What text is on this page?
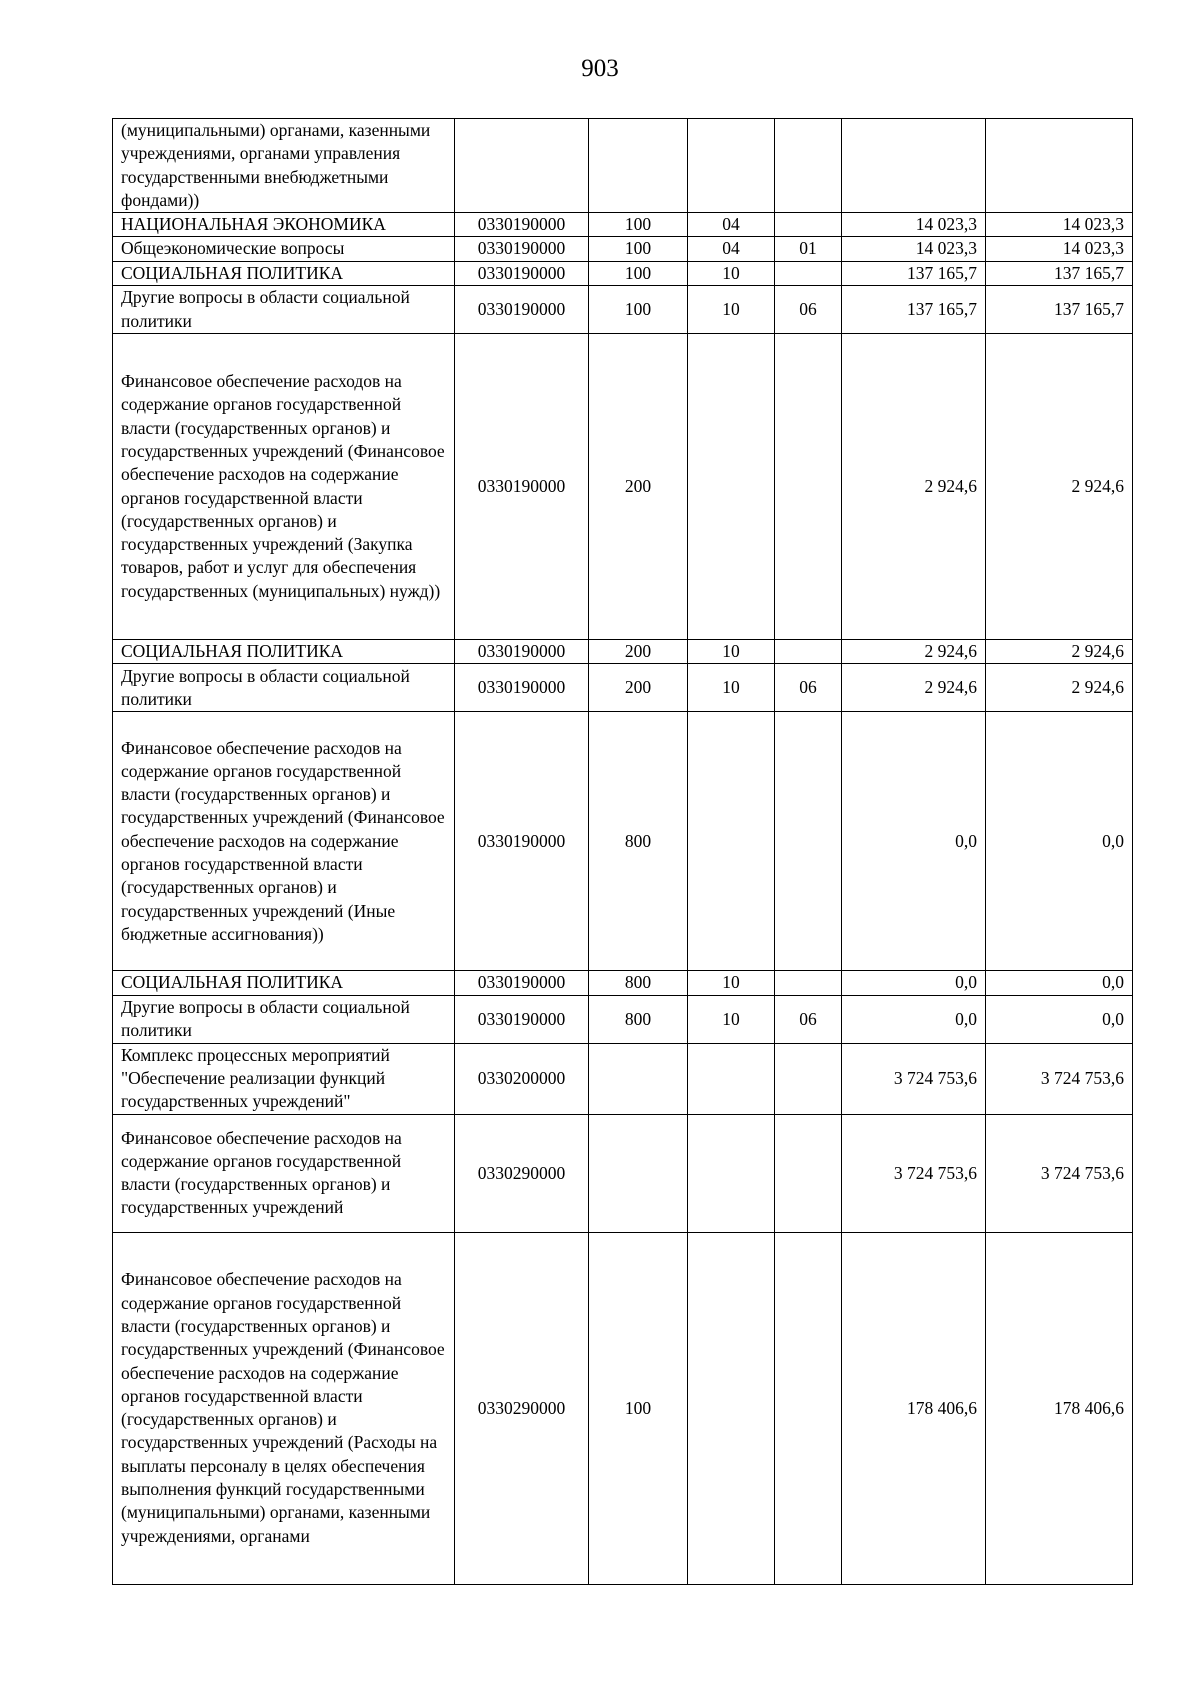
903
(муниципальными) органами, казенными учреждениями, органами управления государственными внебюджетными фондами))						
НАЦИОНАЛЬНАЯ ЭКОНОМИКА	0330190000	100	04		14 023,3	14 023,3
Общеэкономические вопросы	0330190000	100	04	01	14 023,3	14 023,3
СОЦИАЛЬНАЯ ПОЛИТИКА	0330190000	100	10		137 165,7	137 165,7
Другие вопросы в области социальной политики	0330190000	100	10	06	137 165,7	137 165,7
Финансовое обеспечение расходов на содержание органов государственной власти (государственных органов) и государственных учреждений (Финансовое обеспечение расходов на содержание органов государственной власти (государственных органов) и государственных учреждений (Закупка товаров, работ и услуг для обеспечения государственных (муниципальных) нужд))	0330190000	200			2 924,6	2 924,6
СОЦИАЛЬНАЯ ПОЛИТИКА	0330190000	200	10		2 924,6	2 924,6
Другие вопросы в области социальной политики	0330190000	200	10	06	2 924,6	2 924,6
Финансовое обеспечение расходов на содержание органов государственной власти (государственных органов) и государственных учреждений (Финансовое обеспечение расходов на содержание органов государственной власти (государственных органов) и государственных учреждений (Иные бюджетные ассигнования))	0330190000	800			0,0	0,0
СОЦИАЛЬНАЯ ПОЛИТИКА	0330190000	800	10		0,0	0,0
Другие вопросы в области социальной политики	0330190000	800	10	06	0,0	0,0
Комплекс процессных мероприятий "Обеспечение реализации функций государственных учреждений"	0330200000				3 724 753,6	3 724 753,6
Финансовое обеспечение расходов на содержание органов государственной власти (государственных органов) и государственных учреждений	0330290000				3 724 753,6	3 724 753,6
Финансовое обеспечение расходов на содержание органов государственной власти (государственных органов) и государственных учреждений (Финансовое обеспечение расходов на содержание органов государственной власти (государственных органов) и государственных учреждений (Расходы на выплаты персоналу в целях обеспечения выполнения функций государственными (муниципальными) органами, казенными учреждениями, органами	0330290000	100			178 406,6	178 406,6
